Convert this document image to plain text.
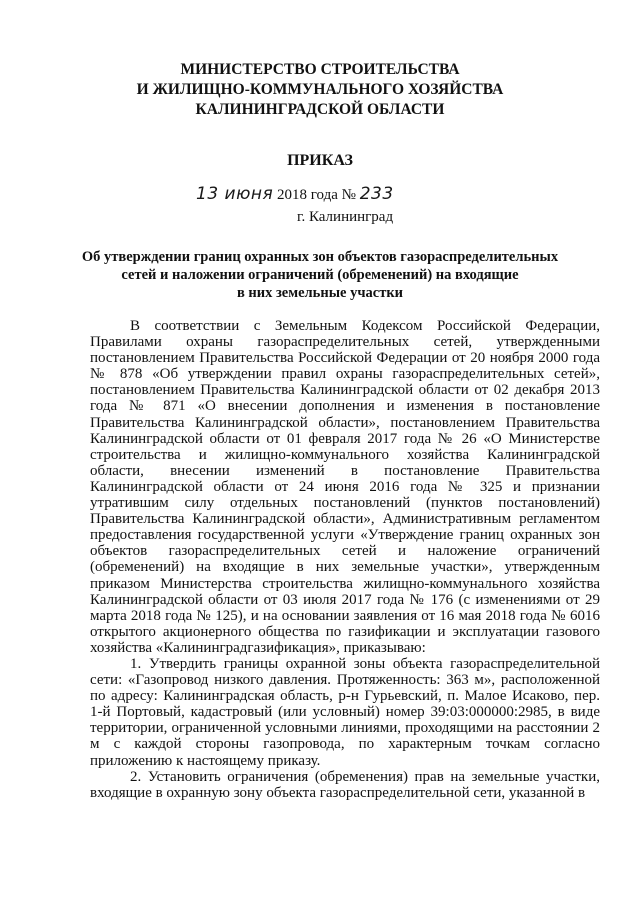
МИНИСТЕРСТВО СТРОИТЕЛЬСТВА
И ЖИЛИЩНО-КОММУНАЛЬНОГО ХОЗЯЙСТВА
КАЛИНИНГРАДСКОЙ ОБЛАСТИ
ПРИКАЗ
13 июня 2018 года № 233
г. Калининград
Об утверждении границ охранных зон объектов газораспределительных
сетей и наложении ограничений (обременений) на входящие
в них земельные участки

В соответствии с Земельным Кодексом Российской Федерации, Правилами охраны газораспределительных сетей, утвержденными постановлением Правительства Российской Федерации от 20 ноября 2000 года № 878 «Об утверждении правил охраны газораспределительных сетей», постановлением Правительства Калининградской области от 02 декабря 2013 года № 871 «О внесении дополнения и изменения в постановление Правительства Калининградской области», постановлением Правительства Калининградской области от 01 февраля 2017 года № 26 «О Министерстве строительства и жилищно-коммунального хозяйства Калининградской области, внесении изменений в постановление Правительства Калининградской области от 24 июня 2016 года № 325 и признании утратившим силу отдельных постановлений (пунктов постановлений) Правительства Калининградской области», Административным регламентом предоставления государственной услуги «Утверждение границ охранных зон объектов газораспределительных сетей и наложение ограничений (обременений) на входящие в них земельные участки», утвержденным приказом Министерства строительства жилищно-коммунального хозяйства Калининградской области от 03 июля 2017 года № 176 (с изменениями от 29 марта 2018 года № 125), и на основании заявления от 16 мая 2018 года № 6016 открытого акционерного общества по газификации и эксплуатации газового хозяйства «Калининградгазификация», приказываю:

1. Утвердить границы охранной зоны объекта газораспределительной сети: «Газопровод низкого давления. Протяженность: 363 м», расположенной по адресу: Калининградская область, р-н Гурьевский, п. Малое Исаково, пер. 1-й Портовый, кадастровый (или условный) номер 39:03:000000:2985, в виде территории, ограниченной условными линиями, проходящими на расстоянии 2 м с каждой стороны газопровода, по характерным точкам согласно приложению к настоящему приказу.

2. Установить ограничения (обременения) прав на земельные участки, входящие в охранную зону объекта газораспределительной сети, указанной в
